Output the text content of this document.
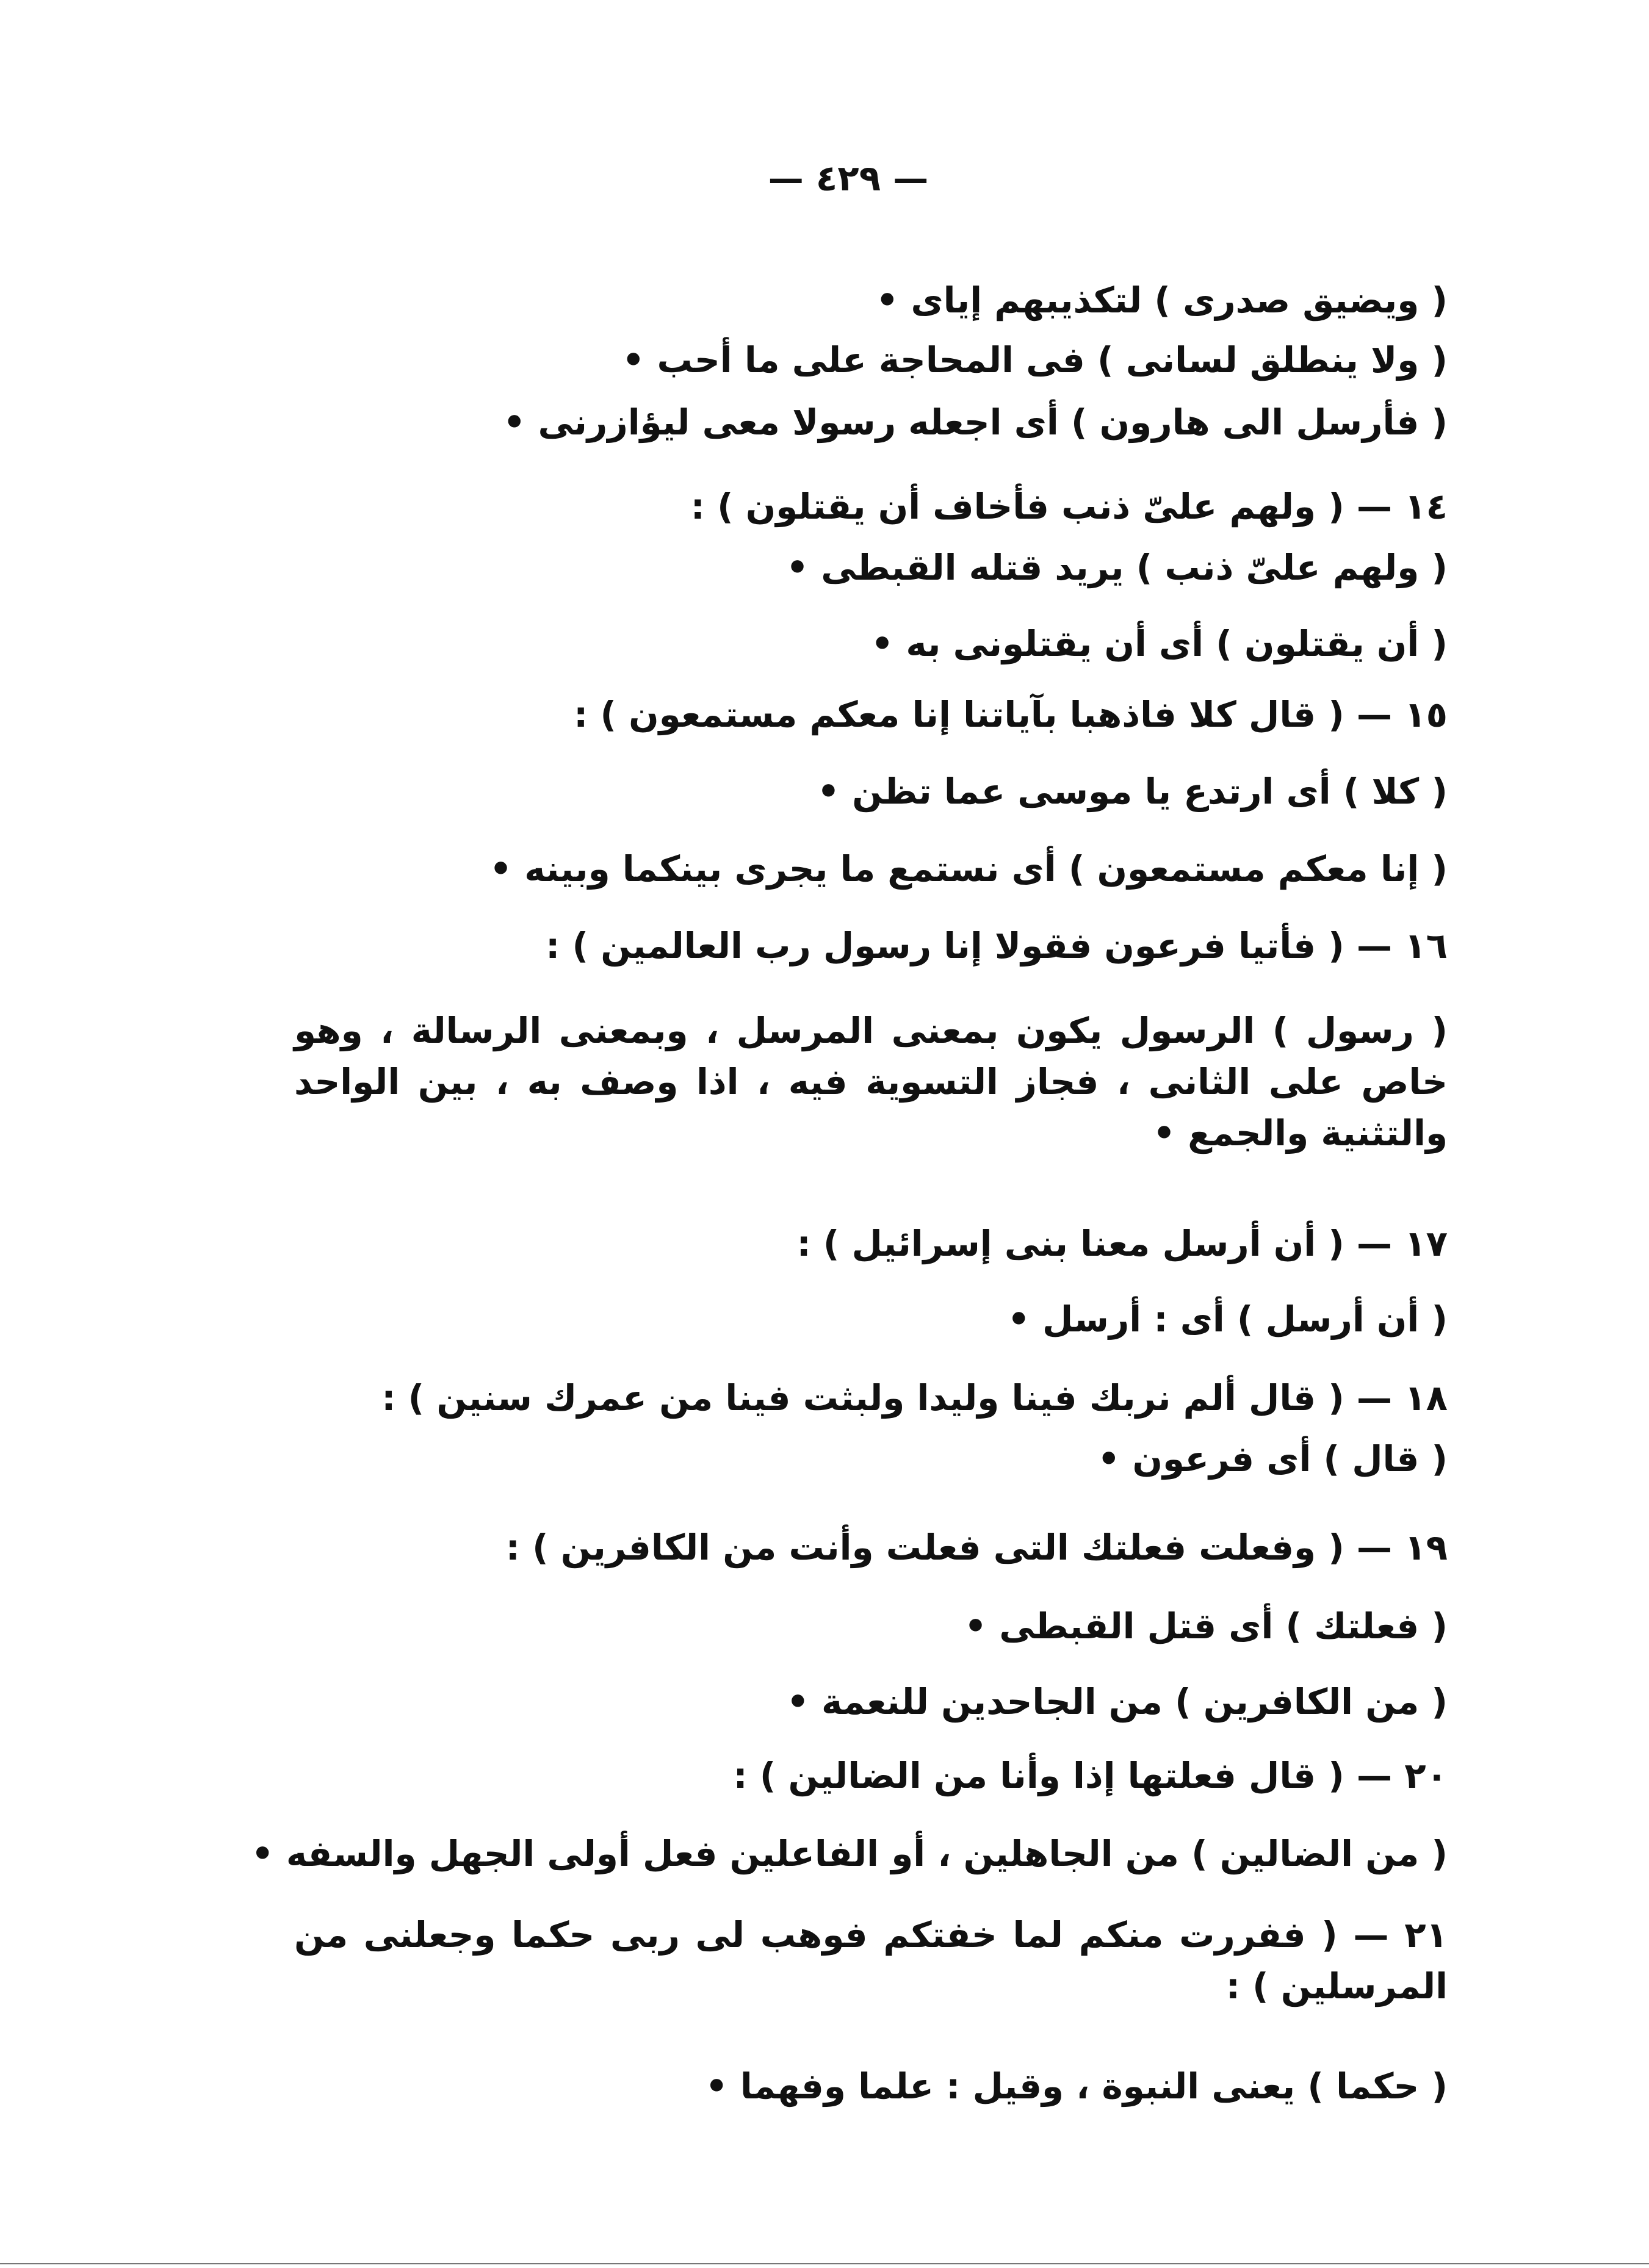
— ٤٢٩ —
( ويضيق صدرى ) لتكذيبهم إياى •
( ولا ينطلق لسانى ) فى المحاجة على ما أحب •
( فأرسل الى هارون ) أى اجعله رسولا معى ليؤازرنى •
١٤ — ( ولهم علىّ ذنب فأخاف أن يقتلون ) :
( ولهم علىّ ذنب ) يريد قتله القبطى •
( أن يقتلون ) أى أن يقتلونى به •
١٥ — ( قال كلا فاذهبا بآياتنا إنا معكم مستمعون ) :
( كلا ) أى ارتدع يا موسى عما تظن •
( إنا معكم مستمعون ) أى نستمع ما يجرى بينكما وبينه •
١٦ — ( فأتيا فرعون فقولا إنا رسول رب العالمين ) :
( رسول ) الرسول يكون بمعنى المرسل ، وبمعنى الرسالة ، وهو خاص على الثانى ، فجاز التسوية فيه ، اذا وصف به ، بين الواحد والتثنية والجمع •
١٧ — ( أن أرسل معنا بنى إسرائيل ) :
( أن أرسل ) أى : أرسل •
١٨ — ( قال ألم نربك فينا وليدا ولبثت فينا من عمرك سنين ) :
( قال ) أى فرعون •
١٩ — ( وفعلت فعلتك التى فعلت وأنت من الكافرين ) :
( فعلتك ) أى قتل القبطى •
( من الكافرين ) من الجاحدين للنعمة •
٢٠ — ( قال فعلتها إذا وأنا من الضالين ) :
( من الضالين ) من الجاهلين ، أو الفاعلين فعل أولى الجهل والسفه •
٢١ — ( ففررت منكم لما خفتكم فوهب لى ربى حكما وجعلنى من المرسلين ) :
( حكما ) يعنى النبوة ، وقيل : علما وفهما •
